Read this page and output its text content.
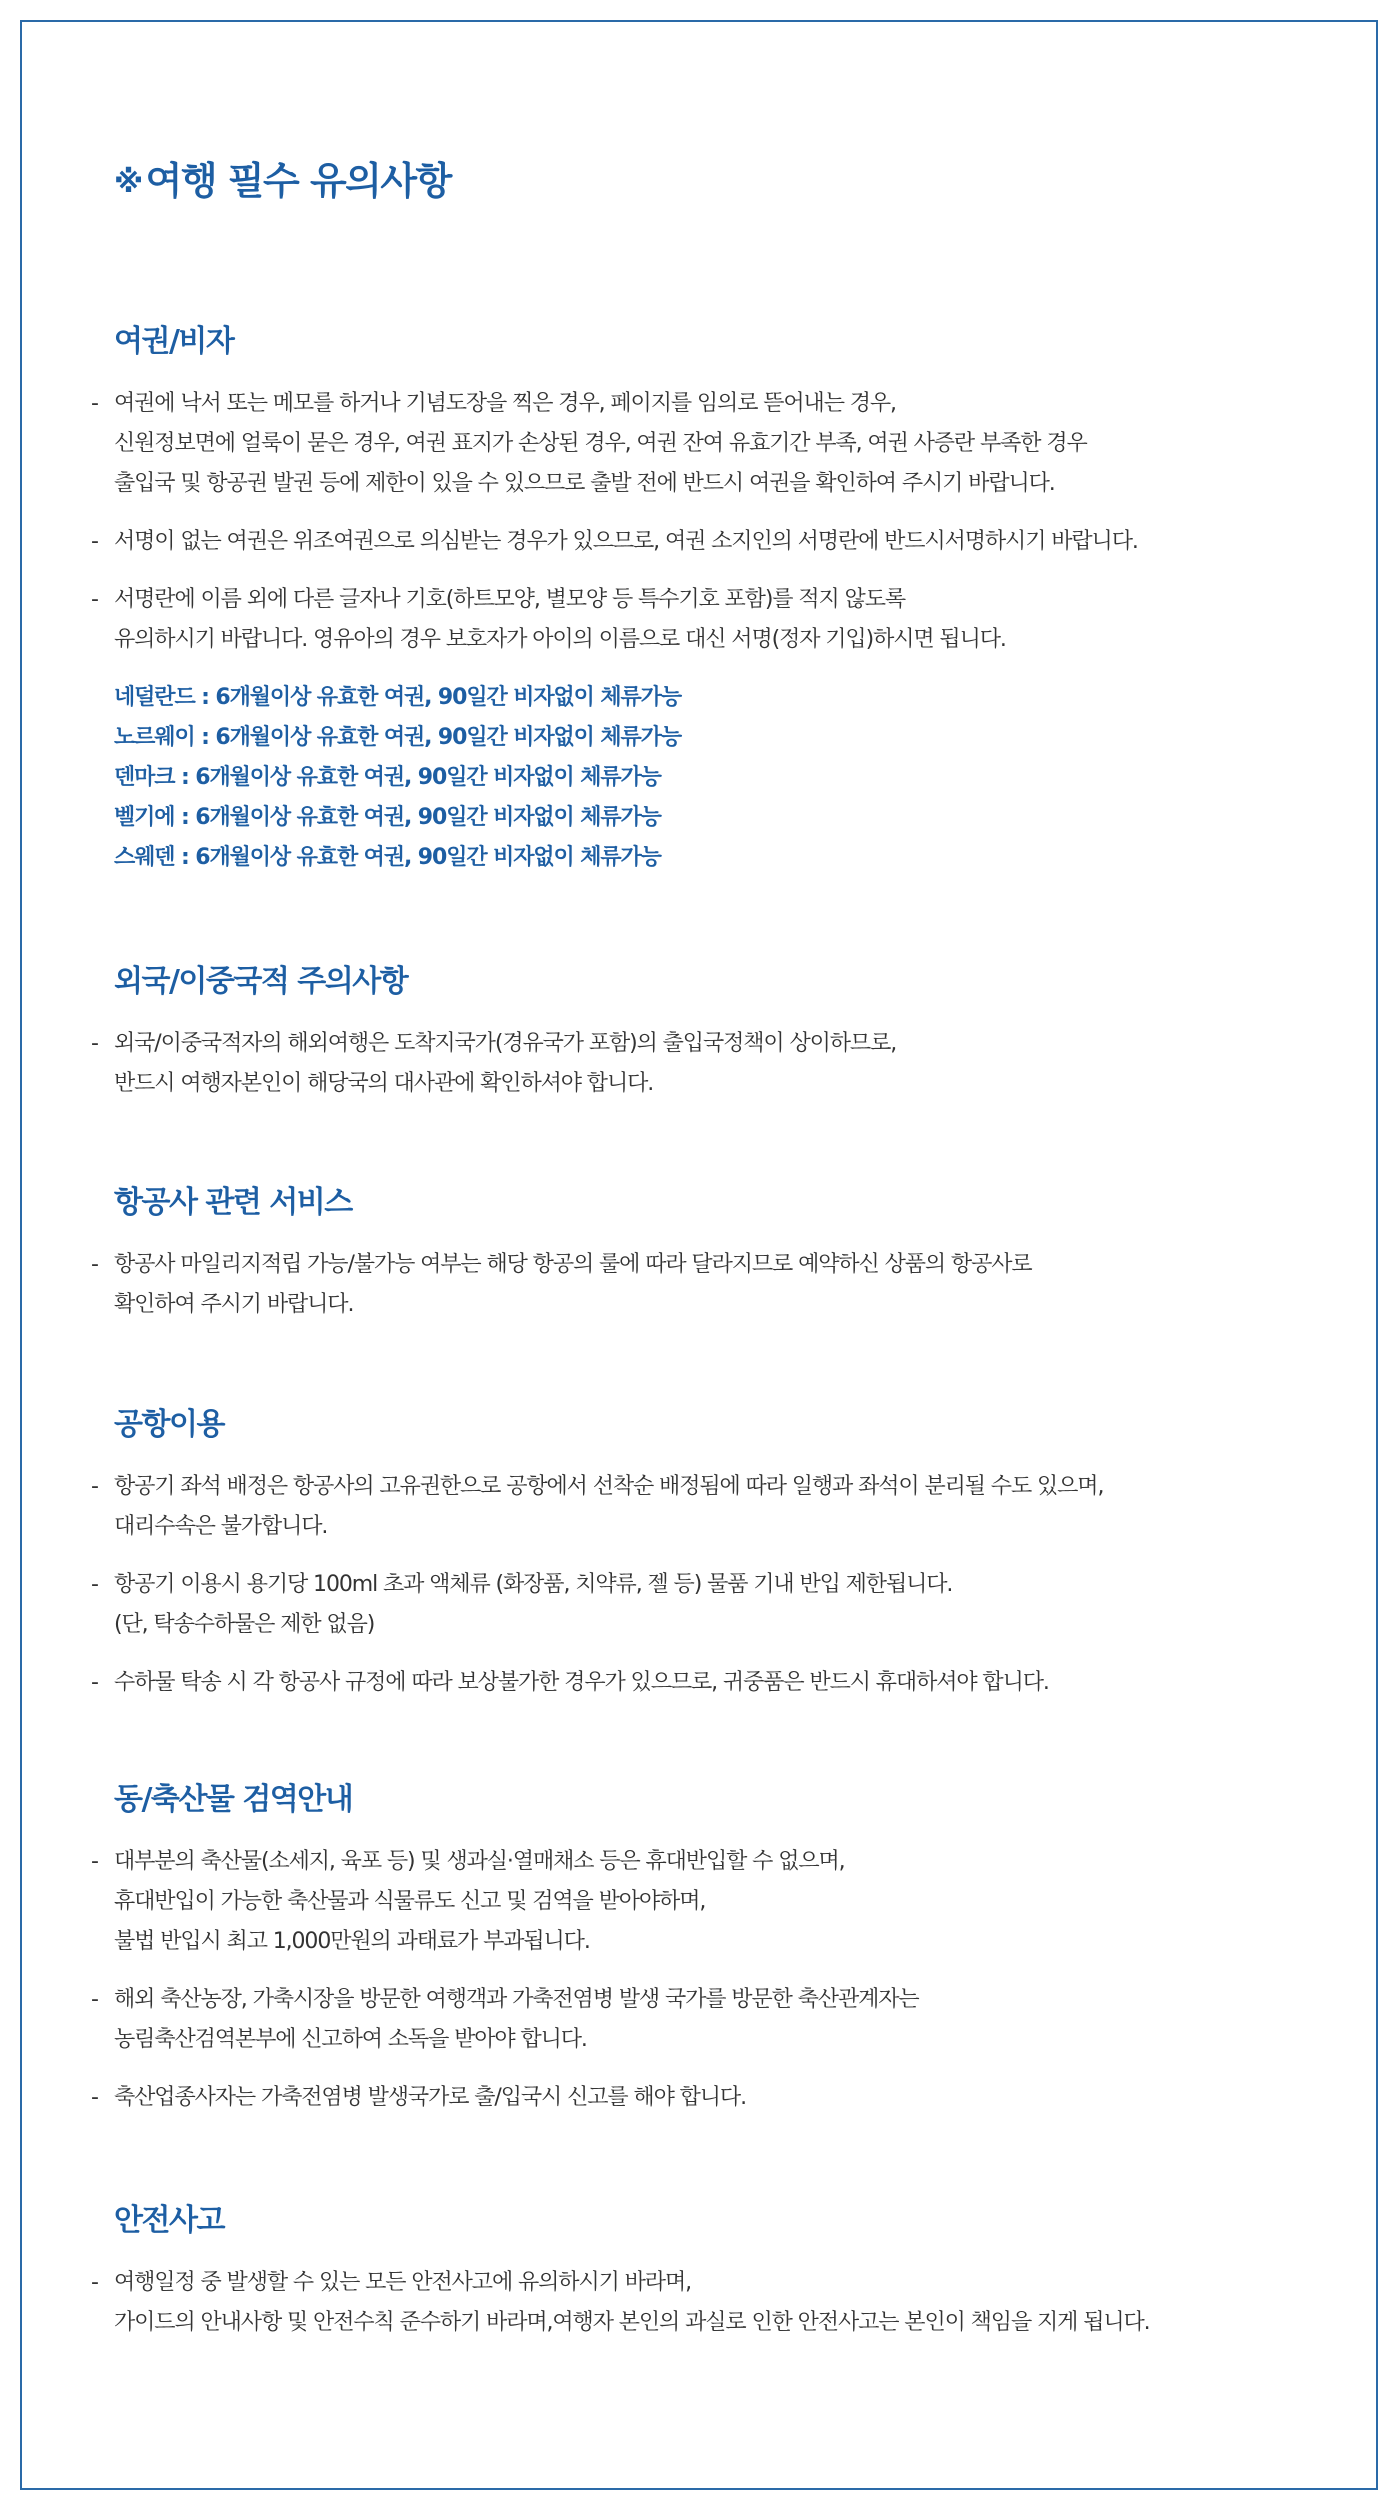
※ 여행 필수 유의사항
여권/비자
- 여권에 낙서 또는 메모를 하거나 기념도장을 찍은 경우, 페이지를 임의로 뜯어내는 경우,
신원정보면에 얼룩이 묻은 경우, 여권 표지가 손상된 경우, 여권 잔여 유효기간 부족, 여권 사증란 부족한 경우
출입국 및 항공권 발권 등에 제한이 있을 수 있으므로 출발 전에 반드시 여권을 확인하여 주시기 바랍니다.
- 서명이 없는 여권은 위조여권으로 의심받는 경우가 있으므로, 여권 소지인의 서명란에 반드시서명하시기 바랍니다.
- 서명란에 이름 외에 다른 글자나 기호(하트모양, 별모양 등 특수기호 포함)를 적지 않도록
유의하시기 바랍니다. 영유아의 경우 보호자가 아이의 이름으로 대신 서명(정자 기입)하시면 됩니다.
네덜란드 : 6개월이상 유효한 여권, 90일간 비자없이 체류가능
노르웨이 : 6개월이상 유효한 여권, 90일간 비자없이 체류가능
덴마크 : 6개월이상 유효한 여권, 90일간 비자없이 체류가능
벨기에 : 6개월이상 유효한 여권, 90일간 비자없이 체류가능
스웨덴 : 6개월이상 유효한 여권, 90일간 비자없이 체류가능
외국/이중국적 주의사항
- 외국/이중국적자의 해외여행은 도착지국가(경유국가 포함)의 출입국정책이 상이하므로,
반드시 여행자본인이 해당국의 대사관에 확인하셔야 합니다.
항공사 관련 서비스
- 항공사 마일리지적립 가능/불가능 여부는 해당 항공의 룰에 따라 달라지므로 예약하신 상품의 항공사로
확인하여 주시기 바랍니다.
공항이용
- 항공기 좌석 배정은 항공사의 고유권한으로 공항에서 선착순 배정됨에 따라 일행과 좌석이 분리될 수도 있으며,
대리수속은 불가합니다.
- 항공기 이용시 용기당 100ml 초과 액체류 (화장품, 치약류, 젤 등) 물품 기내 반입 제한됩니다.
(단, 탁송수하물은 제한 없음)
- 수하물 탁송 시 각 항공사 규정에 따라 보상불가한 경우가 있으므로, 귀중품은 반드시 휴대하셔야 합니다.
동/축산물 검역안내
- 대부분의 축산물(소세지, 육포 등) 및 생과실·열매채소 등은 휴대반입할 수 없으며,
휴대반입이 가능한 축산물과 식물류도 신고 및 검역을 받아야하며,
불법 반입시 최고 1,000만원의 과태료가 부과됩니다.
- 해외 축산농장, 가축시장을 방문한 여행객과 가축전염병 발생 국가를 방문한 축산관계자는
농림축산검역본부에 신고하여 소독을 받아야 합니다.
- 축산업종사자는 가축전염병 발생국가로 출/입국시 신고를 해야 합니다.
안전사고
- 여행일정 중 발생할 수 있는 모든 안전사고에 유의하시기 바라며,
가이드의 안내사항 및 안전수칙 준수하기 바라며,여행자 본인의 과실로 인한 안전사고는 본인이 책임을 지게 됩니다.
